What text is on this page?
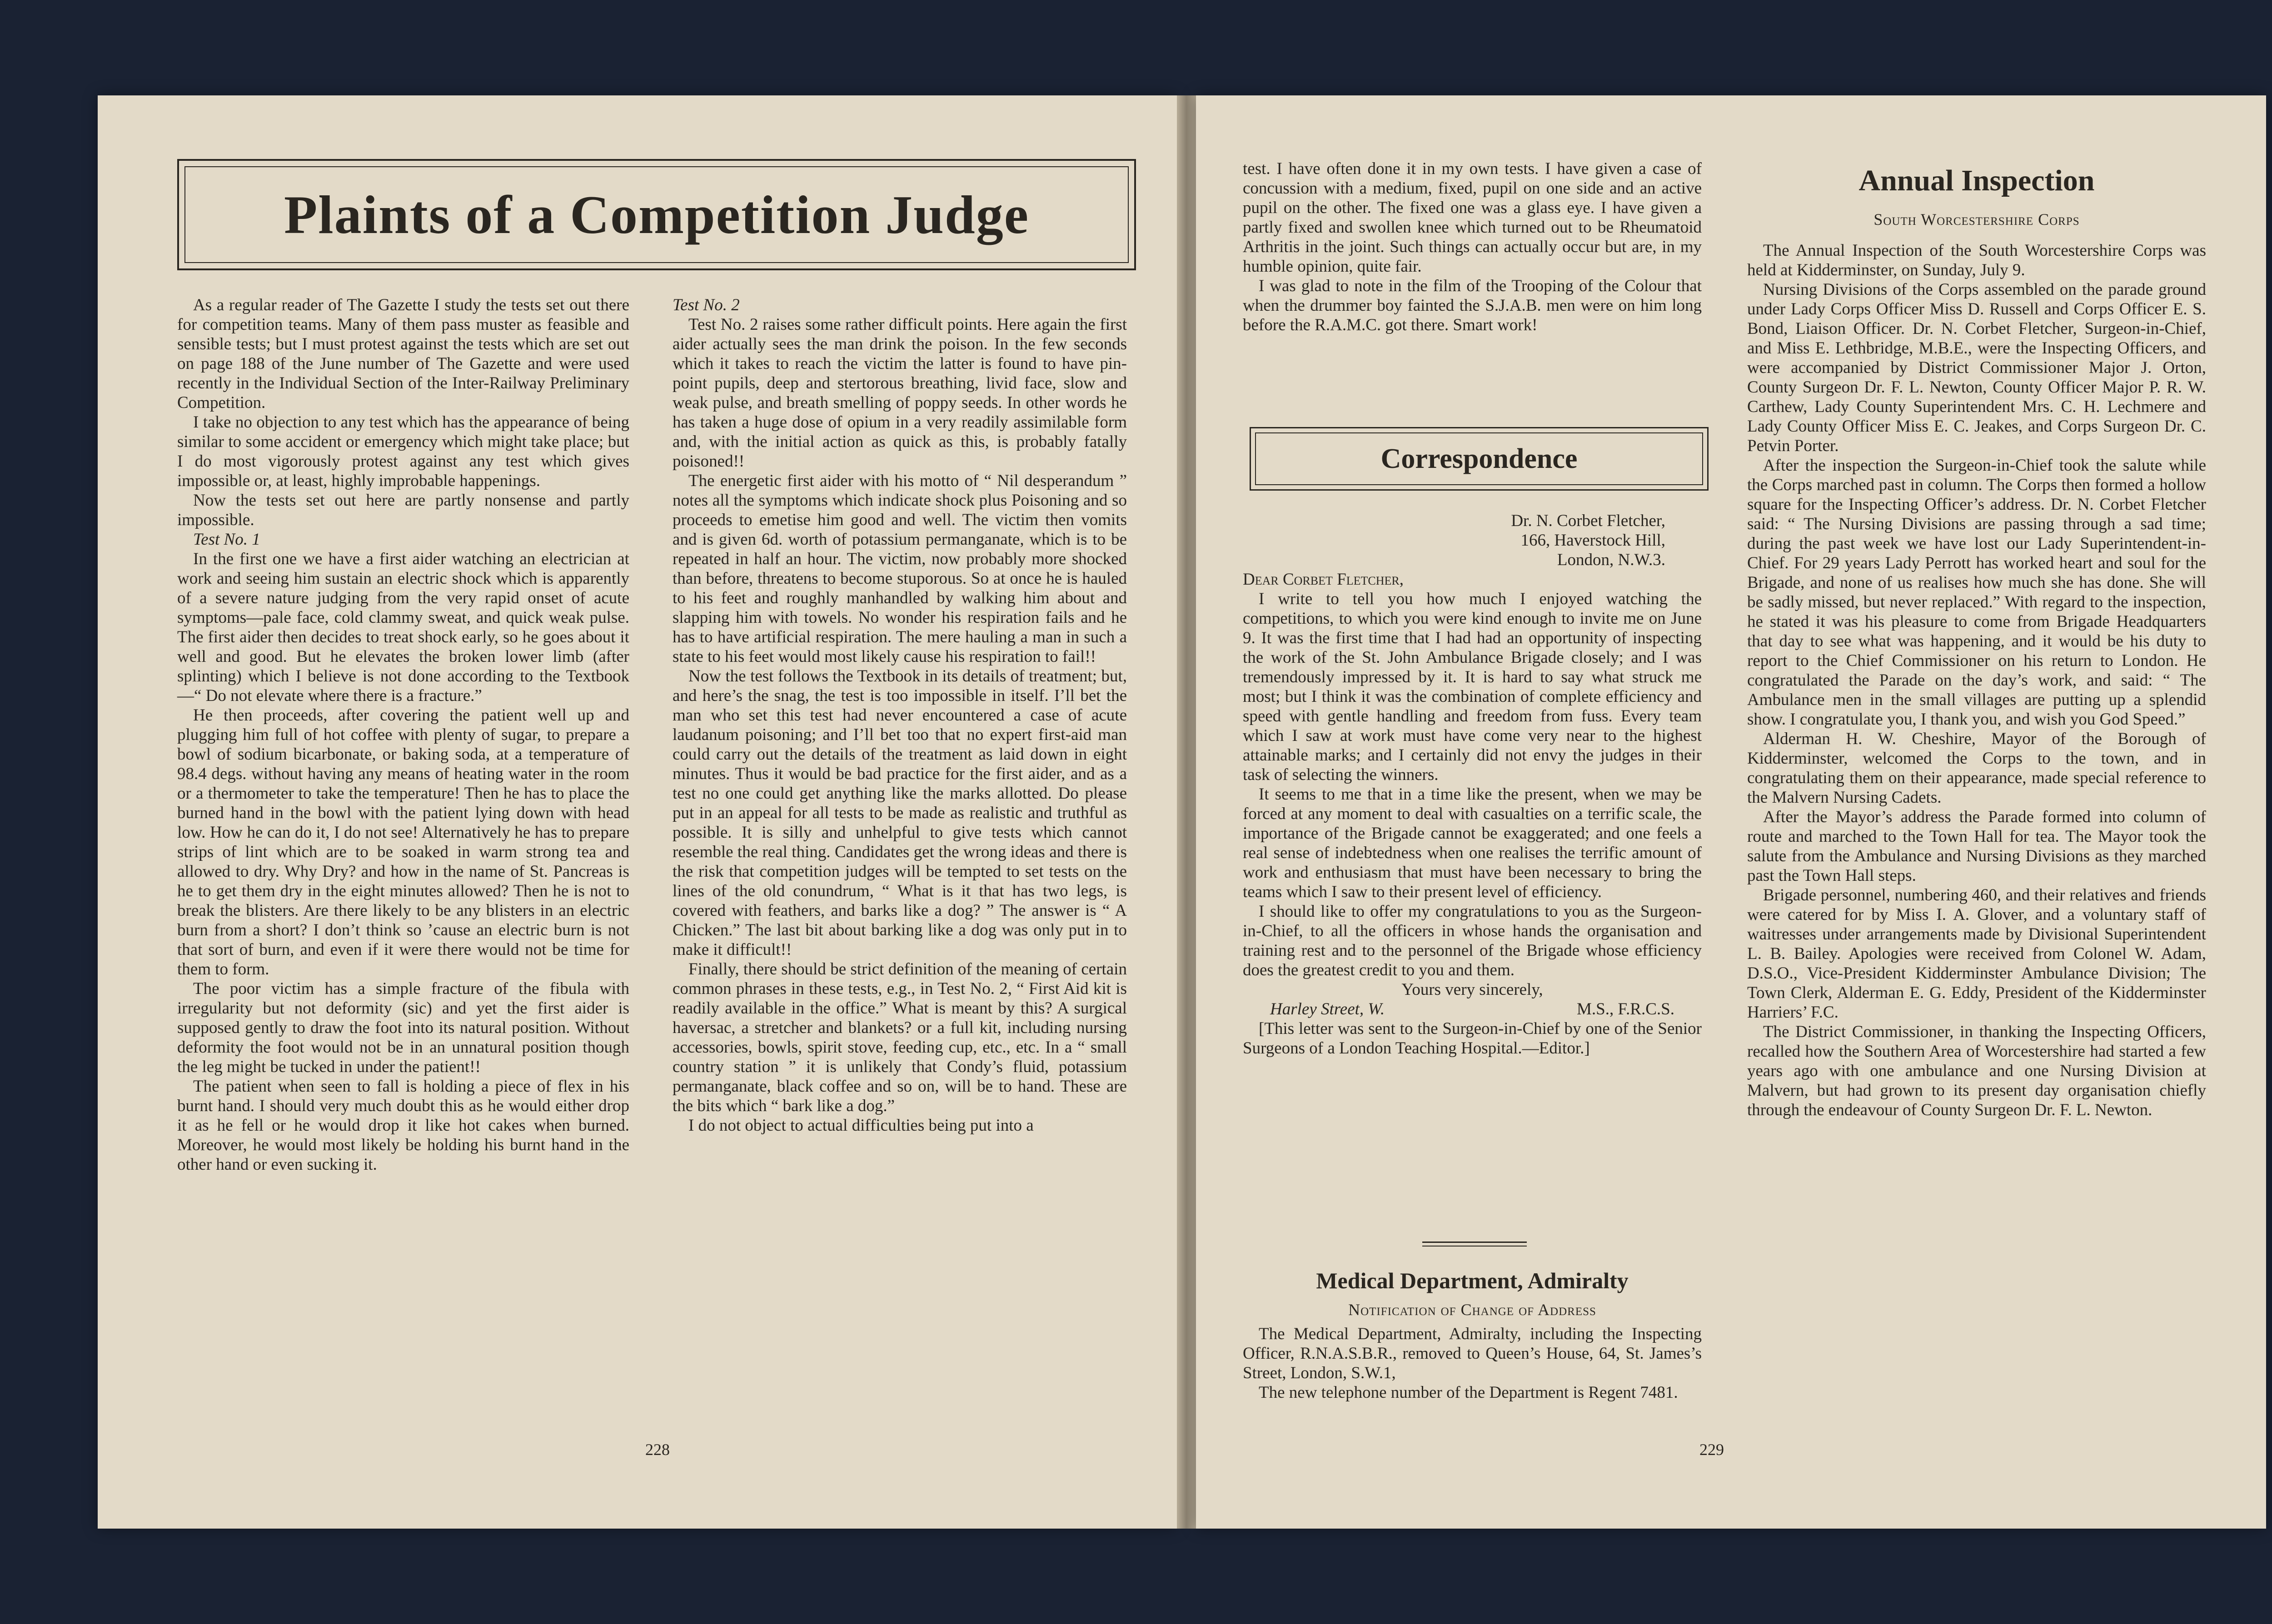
Plaints of a Competition Judge

As a regular reader of The Gazette I study the tests set out there for competition teams. Many of them pass muster as feasible and sensible tests; but I must protest against the tests which are set out on page 188 of the June number of The Gazette and were used recently in the Individual Section of the Inter-Railway Preliminary Competition.

I take no objection to any test which has the appearance of being similar to some accident or emergency which might take place; but I do most vigorously protest against any test which gives impossible or, at least, highly improbable happenings.

Now the tests set out here are partly nonsense and partly impossible.

Test No. 1

In the first one we have a first aider watching an electrician at work and seeing him sustain an electric shock which is apparently of a severe nature judging from the very rapid onset of acute symptoms—pale face, cold clammy sweat, and quick weak pulse. The first aider then decides to treat shock early, so he goes about it well and good. But he elevates the broken lower limb (after splinting) which I believe is not done according to the Textbook—“ Do not elevate where there is a fracture.”

He then proceeds, after covering the patient well up and plugging him full of hot coffee with plenty of sugar, to prepare a bowl of sodium bicarbonate, or baking soda, at a temperature of 98.4 degs. without having any means of heating water in the room or a thermometer to take the temperature! Then he has to place the burned hand in the bowl with the patient lying down with head low. How he can do it, I do not see! Alternatively he has to prepare strips of lint which are to be soaked in warm strong tea and allowed to dry. Why Dry? and how in the name of St. Pancreas is he to get them dry in the eight minutes allowed? Then he is not to break the blisters. Are there likely to be any blisters in an electric burn from a short? I don’t think so ’cause an electric burn is not that sort of burn, and even if it were there would not be time for them to form.

The poor victim has a simple fracture of the fibula with irregularity but not deformity (sic) and yet the first aider is supposed gently to draw the foot into its natural position. Without deformity the foot would not be in an unnatural position though the leg might be tucked in under the patient!!

The patient when seen to fall is holding a piece of flex in his burnt hand. I should very much doubt this as he would either drop it as he fell or he would drop it like hot cakes when burned. Moreover, he would most likely be holding his burnt hand in the other hand or even sucking it.

Test No. 2

Test No. 2 raises some rather difficult points. Here again the first aider actually sees the man drink the poison. In the few seconds which it takes to reach the victim the latter is found to have pin-point pupils, deep and stertorous breathing, livid face, slow and weak pulse, and breath smelling of poppy seeds. In other words he has taken a huge dose of opium in a very readily assimilable form and, with the initial action as quick as this, is probably fatally poisoned!!

The energetic first aider with his motto of “ Nil desperandum ” notes all the symptoms which indicate shock plus Poisoning and so proceeds to emetise him good and well. The victim then vomits and is given 6d. worth of potassium permanganate, which is to be repeated in half an hour. The victim, now probably more shocked than before, threatens to become stuporous. So at once he is hauled to his feet and roughly manhandled by walking him about and slapping him with towels. No wonder his respiration fails and he has to have artificial respiration. The mere hauling a man in such a state to his feet would most likely cause his respiration to fail!!

Now the test follows the Textbook in its details of treatment; but, and here’s the snag, the test is too impossible in itself. I’ll bet the man who set this test had never encountered a case of acute laudanum poisoning; and I’ll bet too that no expert first-aid man could carry out the details of the treatment as laid down in eight minutes. Thus it would be bad practice for the first aider, and as a test no one could get anything like the marks allotted. Do please put in an appeal for all tests to be made as realistic and truthful as possible. It is silly and unhelpful to give tests which cannot resemble the real thing. Candidates get the wrong ideas and there is the risk that competition judges will be tempted to set tests on the lines of the old conundrum, “ What is it that has two legs, is covered with feathers, and barks like a dog? ” The answer is “ A Chicken.” The last bit about barking like a dog was only put in to make it difficult!!

Finally, there should be strict definition of the meaning of certain common phrases in these tests, e.g., in Test No. 2, “ First Aid kit is readily available in the office.” What is meant by this? A surgical haversac, a stretcher and blankets? or a full kit, including nursing accessories, bowls, spirit stove, feeding cup, etc., etc. In a “ small country station ” it is unlikely that Condy’s fluid, potassium permanganate, black coffee and so on, will be to hand. These are the bits which “ bark like a dog.”

I do not object to actual difficulties being put into a

228

test. I have often done it in my own tests. I have given a case of concussion with a medium, fixed, pupil on one side and an active pupil on the other. The fixed one was a glass eye. I have given a partly fixed and swollen knee which turned out to be Rheumatoid Arthritis in the joint. Such things can actually occur but are, in my humble opinion, quite fair.

I was glad to note in the film of the Trooping of the Colour that when the drummer boy fainted the S.J.A.B. men were on him long before the R.A.M.C. got there. Smart work!

Correspondence
Dr. N. Corbet Fletcher,
166, Haverstock Hill,
London, N.W.3.

Dear Corbet Fletcher,

I write to tell you how much I enjoyed watching the competitions, to which you were kind enough to invite me on June 9. It was the first time that I had had an opportunity of inspecting the work of the St. John Ambulance Brigade closely; and I was tremendously impressed by it. It is hard to say what struck me most; but I think it was the combination of complete efficiency and speed with gentle handling and freedom from fuss. Every team which I saw at work must have come very near to the highest attainable marks; and I certainly did not envy the judges in their task of selecting the winners.

It seems to me that in a time like the present, when we may be forced at any moment to deal with casualties on a terrific scale, the importance of the Brigade cannot be exaggerated; and one feels a real sense of indebtedness when one realises the terrific amount of work and enthusiasm that must have been necessary to bring the teams which I saw to their present level of efficiency.

I should like to offer my congratulations to you as the Surgeon-in-Chief, to all the officers in whose hands the organisation and training rest and to the personnel of the Brigade whose efficiency does the greatest credit to you and them.

Yours very sincerely,
Harley Street, W.	M.S., F.R.C.S.

[This letter was sent to the Surgeon-in-Chief by one of the Senior Surgeons of a London Teaching Hospital.—Editor.]

Medical Department, Admiralty
Notification of Change of Address

The Medical Department, Admiralty, including the Inspecting Officer, R.N.A.S.B.R., removed to Queen’s House, 64, St. James’s Street, London, S.W.1,

The new telephone number of the Department is Regent 7481.

229
Annual Inspection
South Worcestershire Corps

The Annual Inspection of the South Worcestershire Corps was held at Kidderminster, on Sunday, July 9.

Nursing Divisions of the Corps assembled on the parade ground under Lady Corps Officer Miss D. Russell and Corps Officer E. S. Bond, Liaison Officer. Dr. N. Corbet Fletcher, Surgeon-in-Chief, and Miss E. Lethbridge, M.B.E., were the Inspecting Officers, and were accompanied by District Commissioner Major J. Orton, County Surgeon Dr. F. L. Newton, County Officer Major P. R. W. Carthew, Lady County Superintendent Mrs. C. H. Lechmere and Lady County Officer Miss E. C. Jeakes, and Corps Surgeon Dr. C. Petvin Porter.

After the inspection the Surgeon-in-Chief took the salute while the Corps marched past in column. The Corps then formed a hollow square for the Inspecting Officer’s address. Dr. N. Corbet Fletcher said: “ The Nursing Divisions are passing through a sad time; during the past week we have lost our Lady Superintendent-in-Chief. For 29 years Lady Perrott has worked heart and soul for the Brigade, and none of us realises how much she has done. She will be sadly missed, but never replaced.” With regard to the inspection, he stated it was his pleasure to come from Brigade Headquarters that day to see what was happening, and it would be his duty to report to the Chief Commissioner on his return to London. He congratulated the Parade on the day’s work, and said: “ The Ambulance men in the small villages are putting up a splendid show. I congratulate you, I thank you, and wish you God Speed.”

Alderman H. W. Cheshire, Mayor of the Borough of Kidderminster, welcomed the Corps to the town, and in congratulating them on their appearance, made special reference to the Malvern Nursing Cadets.

After the Mayor’s address the Parade formed into column of route and marched to the Town Hall for tea. The Mayor took the salute from the Ambulance and Nursing Divisions as they marched past the Town Hall steps.

Brigade personnel, numbering 460, and their relatives and friends were catered for by Miss I. A. Glover, and a voluntary staff of waitresses under arrangements made by Divisional Superintendent L. B. Bailey. Apologies were received from Colonel W. Adam, D.S.O., Vice-President Kidderminster Ambulance Division; The Town Clerk, Alderman E. G. Eddy, President of the Kidderminster Harriers’ F.C.

The District Commissioner, in thanking the Inspecting Officers, recalled how the Southern Area of Worcestershire had started a few years ago with one ambulance and one Nursing Division at Malvern, but had grown to its present day organisation chiefly through the endeavour of County Surgeon Dr. F. L. Newton.
